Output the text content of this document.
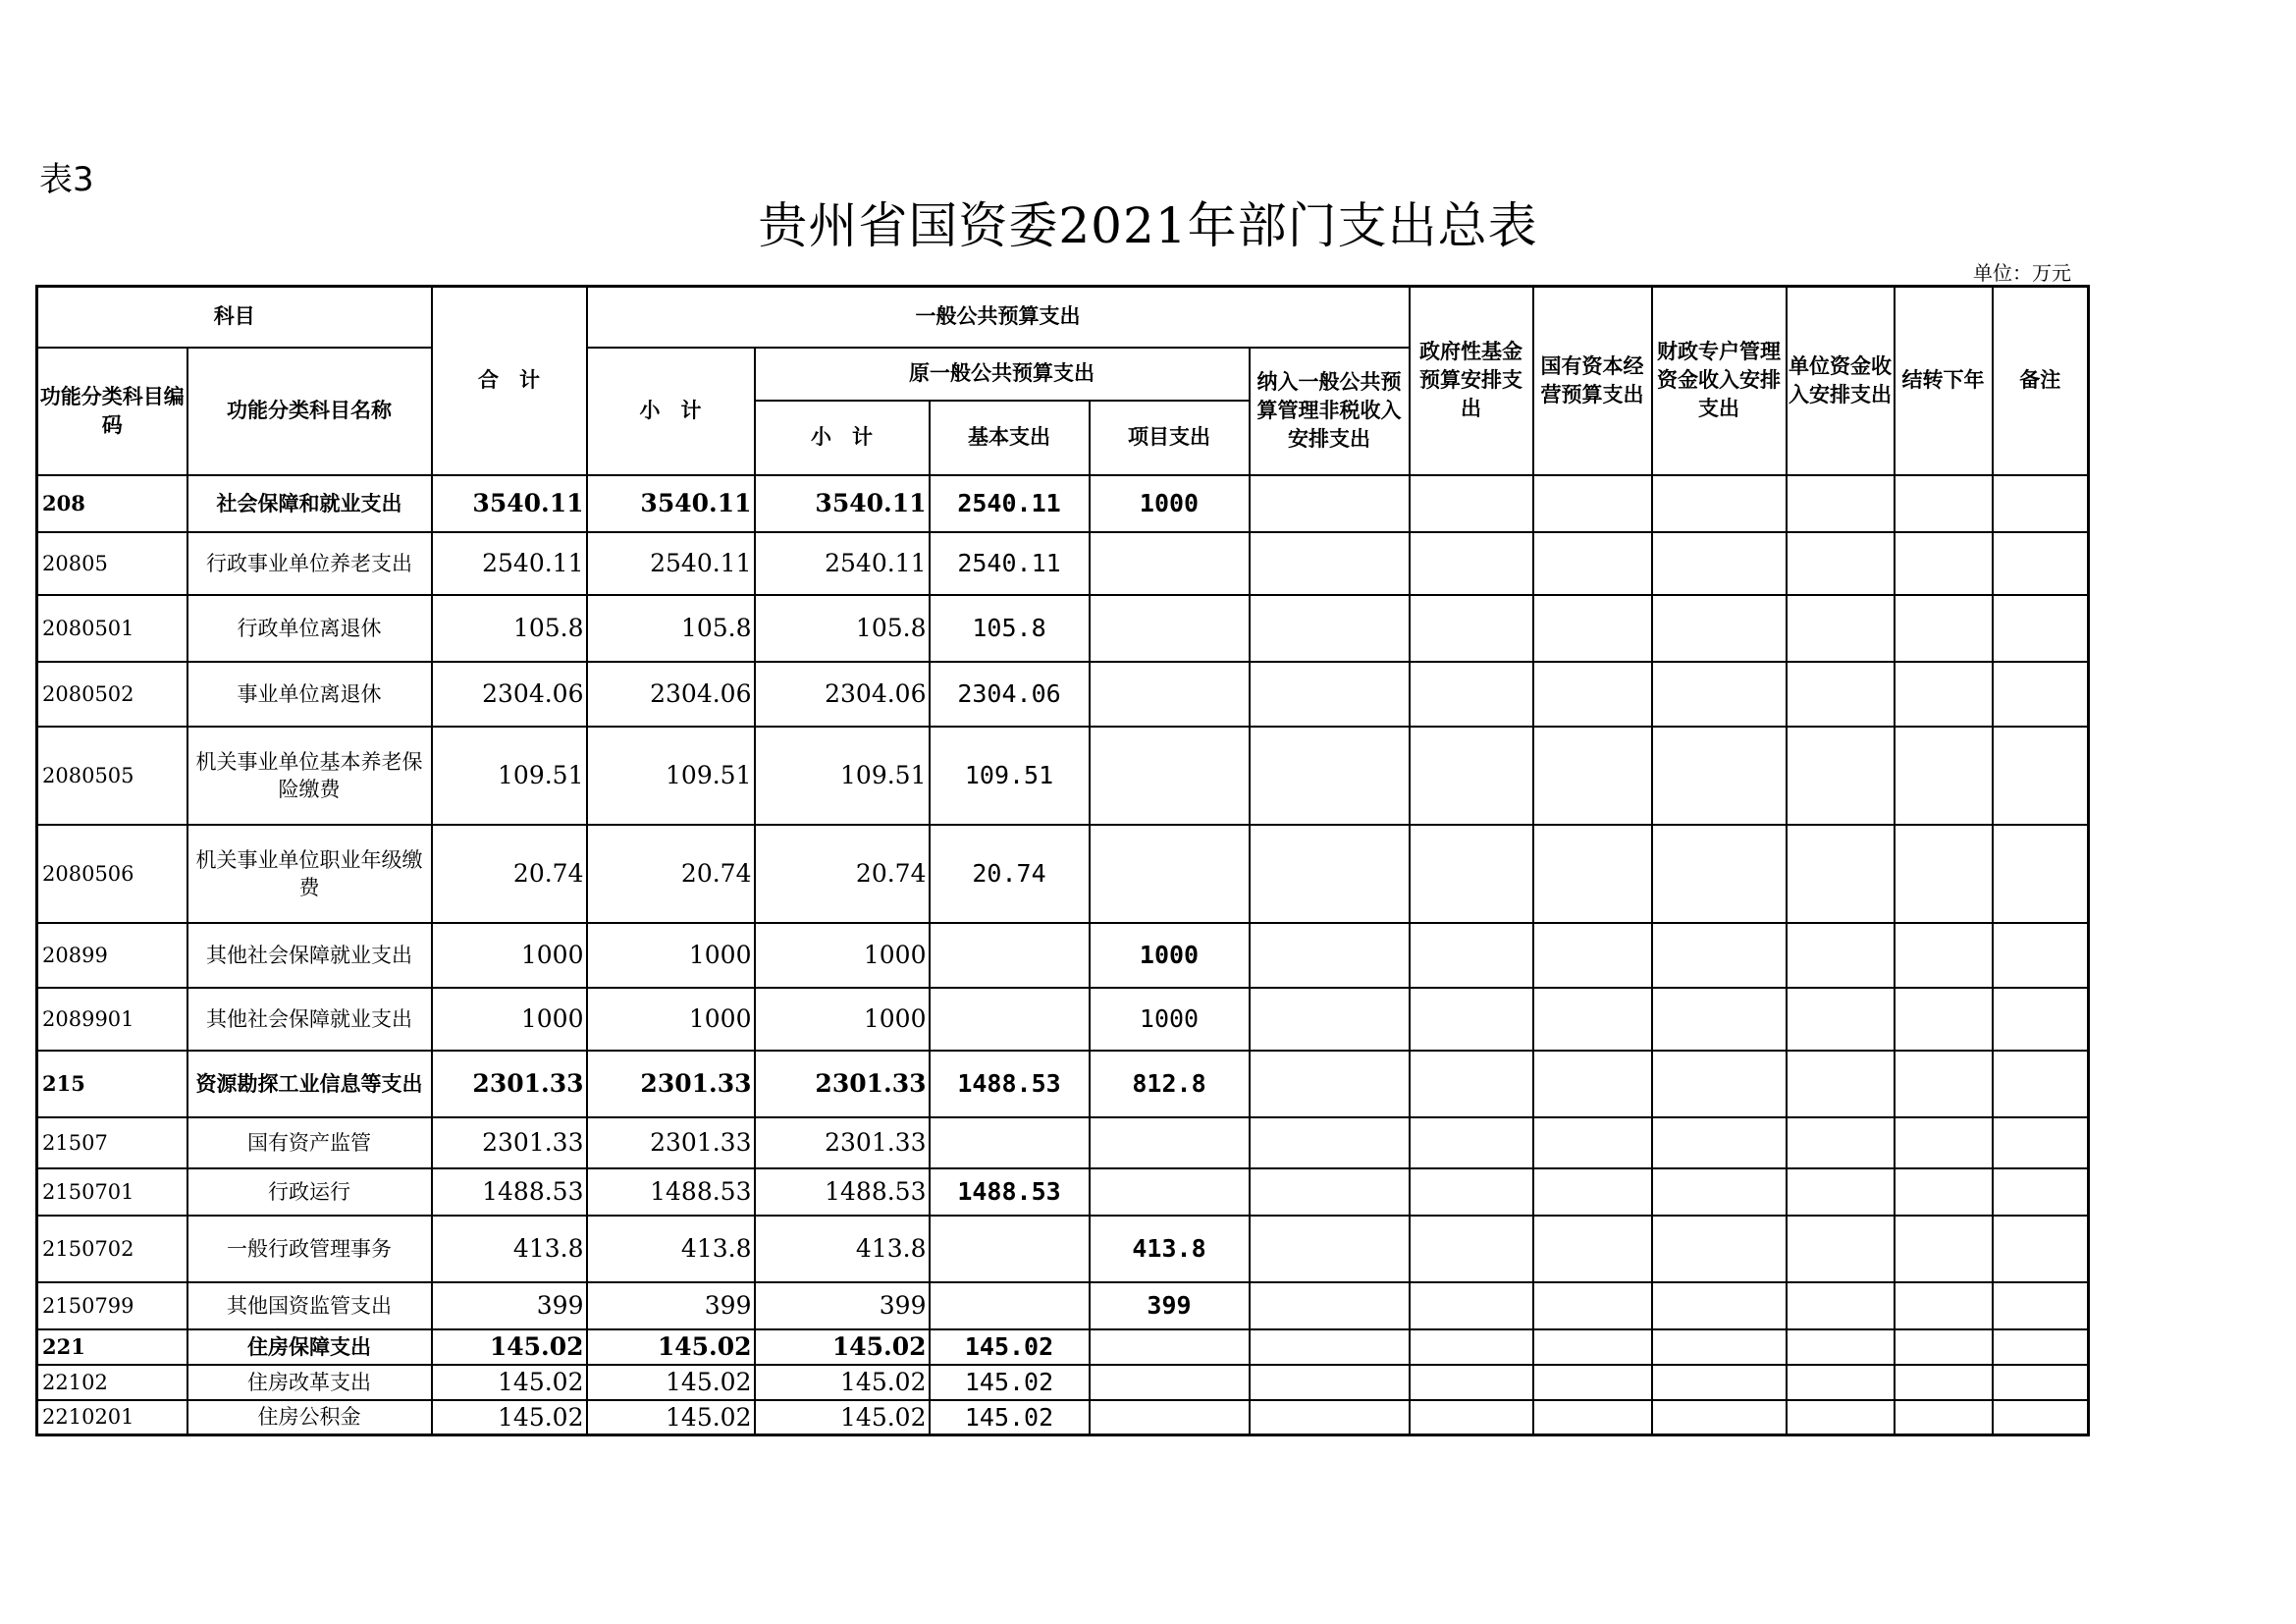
表3
贵州省国资委2021年部门支出总表
单位：万元
科目		合　计	一般公共预算支出					政府性基金预算安排支出	国有资本经营预算支出	财政专户管理资金收入安排支出	单位资金收入安排支出	结转下年	备注
功能分类科目编码	功能分类科目名称		小　计	原一般公共预算支出			纳入一般公共预算管理非税收入安排支出						
				小　计	基本支出	项目支出							
208	社会保障和就业支出	3540.11	3540.11	3540.11	2540.11	1000							
20805	行政事业单位养老支出	2540.11	2540.11	2540.11	2540.11								
2080501	行政单位离退休	105.8	105.8	105.8	105.8								
2080502	事业单位离退休	2304.06	2304.06	2304.06	2304.06								
2080505	机关事业单位基本养老保险缴费	109.51	109.51	109.51	109.51								
2080506	机关事业单位职业年级缴费	20.74	20.74	20.74	20.74								
20899	其他社会保障就业支出	1000	1000	1000		1000							
2089901	其他社会保障就业支出	1000	1000	1000		1000							
215	资源勘探工业信息等支出	2301.33	2301.33	2301.33	1488.53	812.8							
21507	国有资产监管	2301.33	2301.33	2301.33									
2150701	行政运行	1488.53	1488.53	1488.53	1488.53								
2150702	一般行政管理事务	413.8	413.8	413.8		413.8							
2150799	其他国资监管支出	399	399	399		399							
221	住房保障支出	145.02	145.02	145.02	145.02								
22102	住房改革支出	145.02	145.02	145.02	145.02								
2210201	住房公积金	145.02	145.02	145.02	145.02								
